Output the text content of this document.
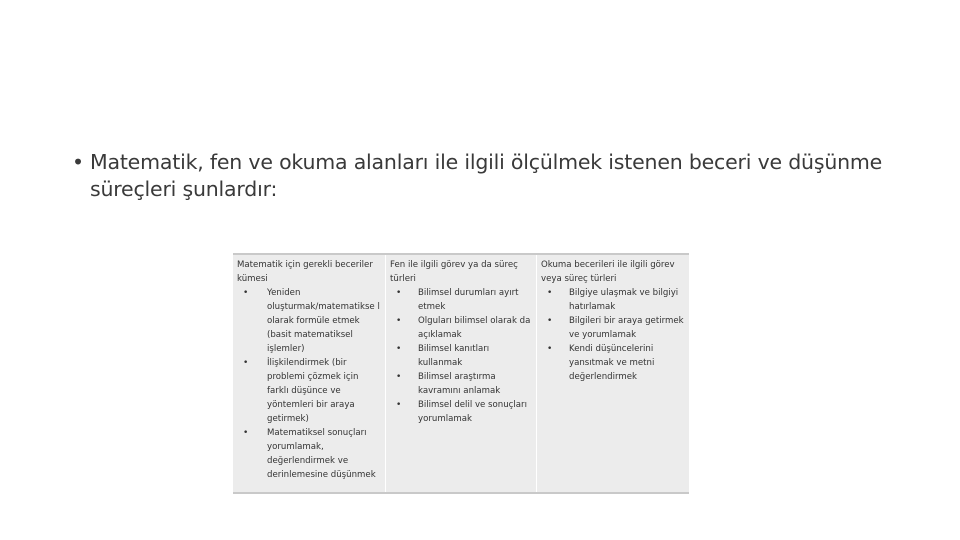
• Matematik, fen ve okuma alanları ile ilgili ölçülmek istenen beceri ve düşünme süreçleri şunlardır:
Matematik için gerekli beceriler kümesi
• Yeniden oluşturmak/matematikse l olarak formüle etmek (basit matematiksel işlemler)
• İlişkilendirmek (bir problemi çözmek için farklı düşünce ve yöntemleri bir araya getirmek)
• Matematiksel sonuçları yorumlamak, değerlendirmek ve derinlemesine düşünmek
Fen ile ilgili görev ya da süreç türleri
• Bilimsel durumları ayırt etmek
• Olguları bilimsel olarak da açıklamak
• Bilimsel kanıtları kullanmak
• Bilimsel araştırma kavramını anlamak
• Bilimsel delil ve sonuçları yorumlamak
Okuma becerileri ile ilgili görev veya süreç türleri
• Bilgiye ulaşmak ve bilgiyi hatırlamak
• Bilgileri bir araya getirmek ve yorumlamak
• Kendi düşüncelerini yansıtmak ve metni değerlendirmek
